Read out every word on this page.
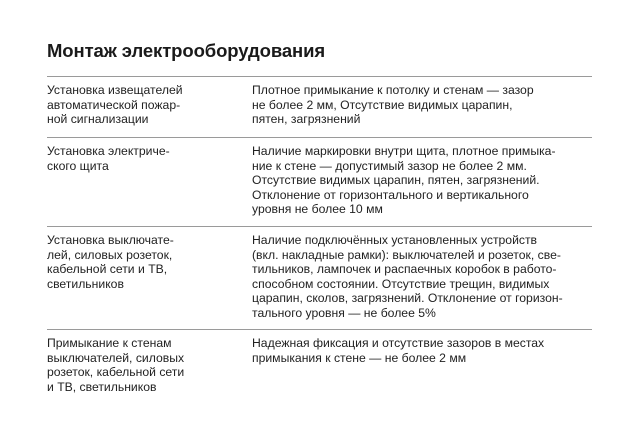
Монтаж электрооборудования
Установка извещателей
автоматической пожар-
ной сигнализации
Плотное примыкание к потолку и стенам — зазор
не более 2 мм, Отсутствие видимых царапин,
пятен, загрязнений
Установка электриче-
ского щита
Наличие маркировки внутри щита, плотное примыка-
ние к стене — допустимый зазор не более 2 мм.
Отсутствие видимых царапин, пятен, загрязнений.
Отклонение от горизонтального и вертикального
уровня не более 10 мм
Установка выключате-
лей, силовых розеток,
кабельной сети и ТВ,
светильников
Наличие подключённых установленных устройств
(вкл. накладные рамки): выключателей и розеток, све-
тильников, лампочек и распаечных коробок в работо-
способном состоянии. Отсутствие трещин, видимых
царапин, сколов, загрязнений. Отклонение от горизон-
тального уровня — не более 5%
Примыкание к стенам
выключателей, силовых
розеток, кабельной сети
и ТВ, светильников
Надежная фиксация и отсутствие зазоров в местах
примыкания к стене — не более 2 мм
